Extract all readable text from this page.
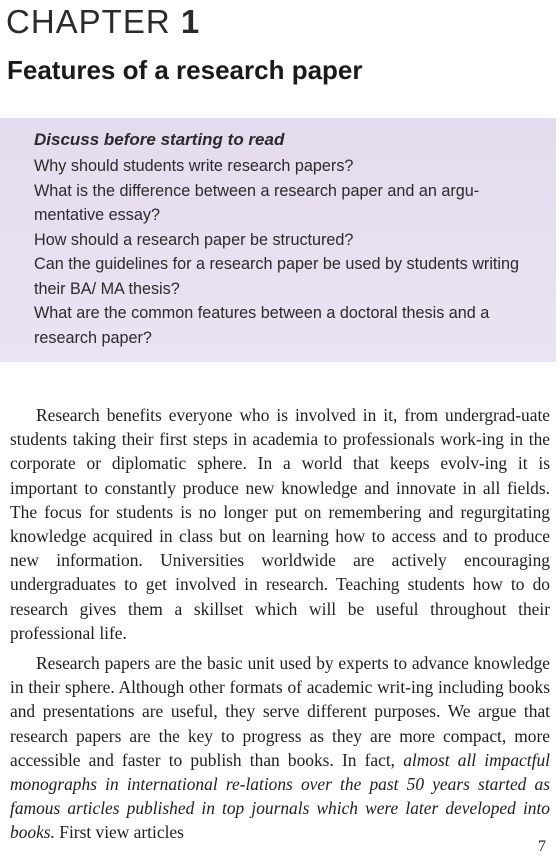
CHAPTER 1
Features of a research paper
Discuss before starting to read
Why should students write research papers?
What is the difference between a research paper and an argu-mentative essay?
How should a research paper be structured?
Can the guidelines for a research paper be used by students writing their BA/ MA thesis?
What are the common features between a doctoral thesis and a research paper?

Research benefits everyone who is involved in it, from undergrad-uate students taking their first steps in academia to professionals work-ing in the corporate or diplomatic sphere. In a world that keeps evolv-ing it is important to constantly produce new knowledge and innovate in all fields. The focus for students is no longer put on remembering and regurgitating knowledge acquired in class but on learning how to access and to produce new information. Universities worldwide are actively encouraging undergraduates to get involved in research. Teaching students how to do research gives them a skillset which will be useful throughout their professional life.

Research papers are the basic unit used by experts to advance knowledge in their sphere. Although other formats of academic writ-ing including books and presentations are useful, they serve different purposes. We argue that research papers are the key to progress as they are more compact, more accessible and faster to publish than books. In fact, almost all impactful monographs in international re-lations over the past 50 years started as famous articles published in top journals which were later developed into books. First view articles

7
